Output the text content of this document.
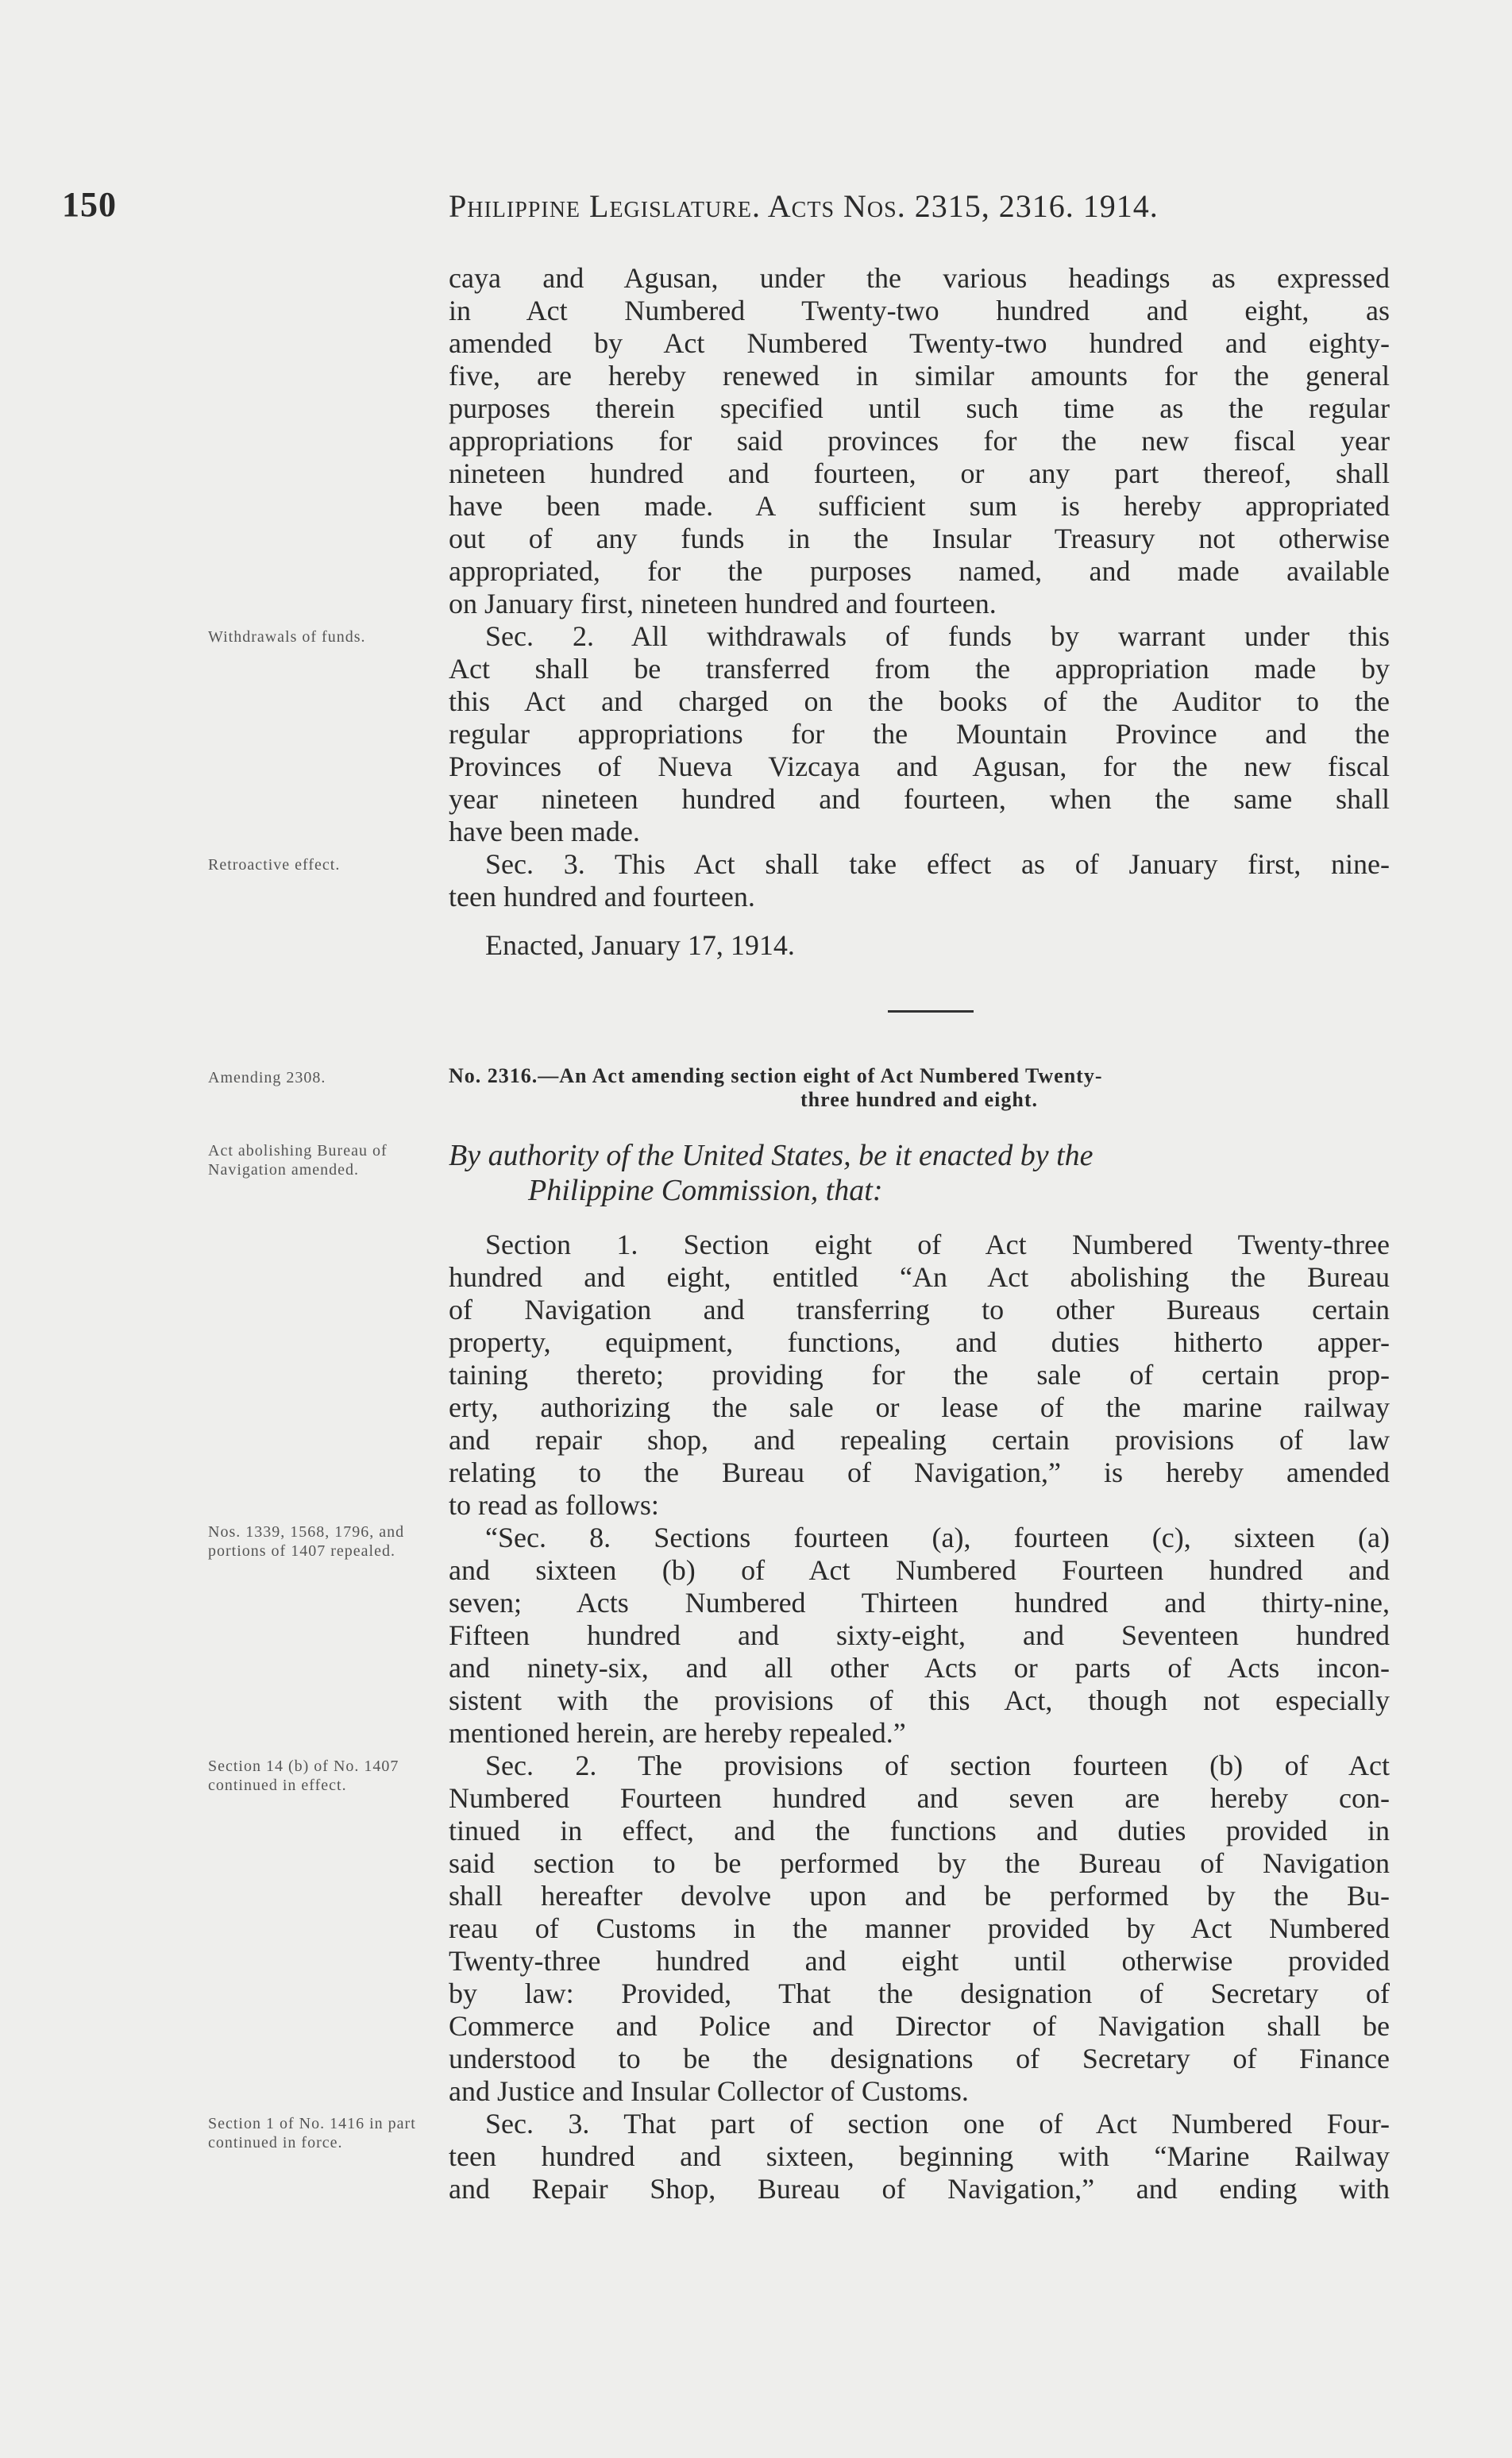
150	Philippine Legislature. Acts Nos. 2315, 2316. 1914.
caya and Agusan, under the various headings as expressed
in Act Numbered Twenty-two hundred and eight, as
amended by Act Numbered Twenty-two hundred and eighty-
five, are hereby renewed in similar amounts for the general
purposes therein specified until such time as the regular
appropriations for said provinces for the new fiscal year
nineteen hundred and fourteen, or any part thereof, shall
have been made. A sufficient sum is hereby appropriated
out of any funds in the Insular Treasury not otherwise
appropriated, for the purposes named, and made available
on January first, nineteen hundred and fourteen.
Withdrawals of funds.	Sec. 2. All withdrawals of funds by warrant under this
Act shall be transferred from the appropriation made by
this Act and charged on the books of the Auditor to the
regular appropriations for the Mountain Province and the
Provinces of Nueva Vizcaya and Agusan, for the new fiscal
year nineteen hundred and fourteen, when the same shall
have been made.
Retroactive effect.	Sec. 3. This Act shall take effect as of January first, nine-
teen hundred and fourteen.
Enacted, January 17, 1914.
Amending 2308.	No. 2316.—An Act amending section eight of Act Numbered Twenty-
three hundred and eight.
Act abolishing Bureau of Navigation amended.	By authority of the United States, be it enacted by the
Philippine Commission, that:
Section 1. Section eight of Act Numbered Twenty-three
hundred and eight, entitled “An Act abolishing the Bureau
of Navigation and transferring to other Bureaus certain
property, equipment, functions, and duties hitherto apper-
taining thereto; providing for the sale of certain prop-
erty, authorizing the sale or lease of the marine railway
and repair shop, and repealing certain provisions of law
relating to the Bureau of Navigation,” is hereby amended
to read as follows:
Nos. 1339, 1568, 1796, and portions of 1407 repealed.	“Sec. 8. Sections fourteen (a), fourteen (c), sixteen (a)
and sixteen (b) of Act Numbered Fourteen hundred and
seven; Acts Numbered Thirteen hundred and thirty-nine,
Fifteen hundred and sixty-eight, and Seventeen hundred
and ninety-six, and all other Acts or parts of Acts incon-
sistent with the provisions of this Act, though not especially
mentioned herein, are hereby repealed.”
Section 14 (b) of No. 1407 continued in effect.
Sec. 2. The provisions of section fourteen (b) of Act
Numbered Fourteen hundred and seven are hereby con-
tinued in effect, and the functions and duties provided in
said section to be performed by the Bureau of Navigation
shall hereafter devolve upon and be performed by the Bu-
reau of Customs in the manner provided by Act Numbered
Twenty-three hundred and eight until otherwise provided
by law: Provided, That the designation of Secretary of
Commerce and Police and Director of Navigation shall be
understood to be the designations of Secretary of Finance
and Justice and Insular Collector of Customs.
Section 1 of No. 1416 in part continued in force.
Sec. 3. That part of section one of Act Numbered Four-
teen hundred and sixteen, beginning with “Marine Railway
and Repair Shop, Bureau of Navigation,” and ending with
